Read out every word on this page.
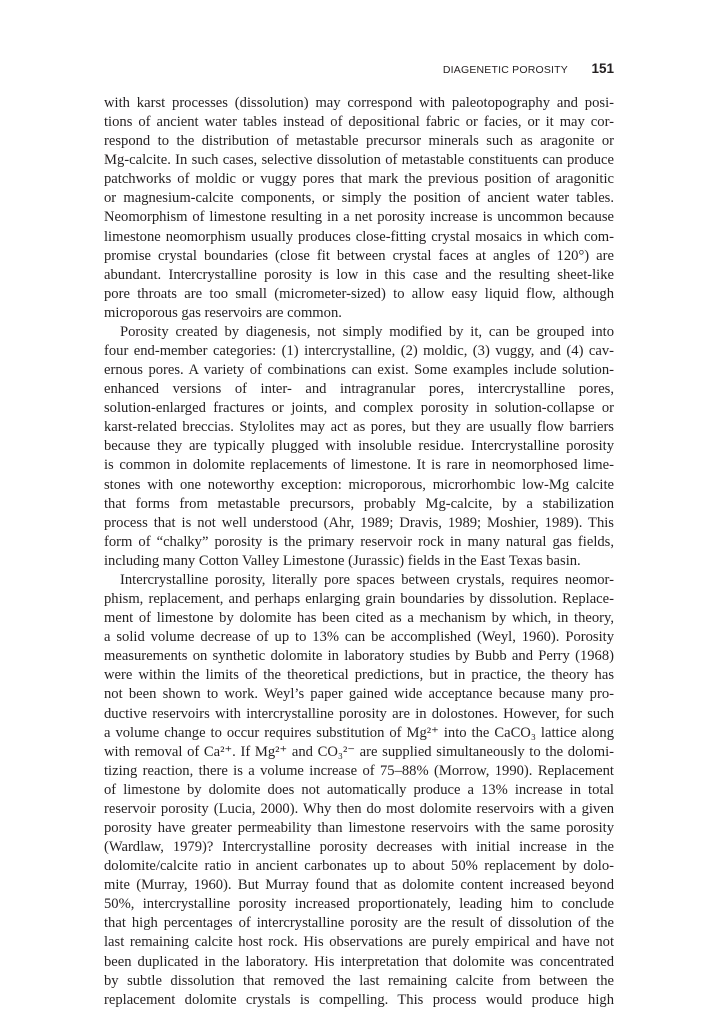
DIAGENETIC POROSITY 151
with karst processes (dissolution) may correspond with paleotopography and posi-
tions of ancient water tables instead of depositional fabric or facies, or it may cor-
respond to the distribution of metastable precursor minerals such as aragonite or
Mg-calcite. In such cases, selective dissolution of metastable constituents can produce
patchworks of moldic or vuggy pores that mark the previous position of aragonitic
or magnesium-calcite components, or simply the position of ancient water tables.
Neomorphism of limestone resulting in a net porosity increase is uncommon because
limestone neomorphism usually produces close-fitting crystal mosaics in which com-
promise crystal boundaries (close fit between crystal faces at angles of 120°) are
abundant. Intercrystalline porosity is low in this case and the resulting sheet-like
pore throats are too small (micrometer-sized) to allow easy liquid flow, although
microporous gas reservoirs are common.
Porosity created by diagenesis, not simply modified by it, can be grouped into
four end-member categories: (1) intercrystalline, (2) moldic, (3) vuggy, and (4) cav-
ernous pores. A variety of combinations can exist. Some examples include solution-
enhanced versions of inter- and intragranular pores, intercrystalline pores,
solution-enlarged fractures or joints, and complex porosity in solution-collapse or
karst-related breccias. Stylolites may act as pores, but they are usually flow barriers
because they are typically plugged with insoluble residue. Intercrystalline porosity
is common in dolomite replacements of limestone. It is rare in neomorphosed lime-
stones with one noteworthy exception: microporous, microrhombic low-Mg calcite
that forms from metastable precursors, probably Mg-calcite, by a stabilization
process that is not well understood (Ahr, 1989; Dravis, 1989; Moshier, 1989). This
form of “chalky” porosity is the primary reservoir rock in many natural gas fields,
including many Cotton Valley Limestone (Jurassic) fields in the East Texas basin.
Intercrystalline porosity, literally pore spaces between crystals, requires neomor-
phism, replacement, and perhaps enlarging grain boundaries by dissolution. Replace-
ment of limestone by dolomite has been cited as a mechanism by which, in theory,
a solid volume decrease of up to 13% can be accomplished (Weyl, 1960). Porosity
measurements on synthetic dolomite in laboratory studies by Bubb and Perry (1968)
were within the limits of the theoretical predictions, but in practice, the theory has
not been shown to work. Weyl’s paper gained wide acceptance because many pro-
ductive reservoirs with intercrystalline porosity are in dolostones. However, for such
a volume change to occur requires substitution of Mg²⁺ into the CaCO₃ lattice along
with removal of Ca²⁺. If Mg²⁺ and CO₃²⁻ are supplied simultaneously to the dolomi-
tizing reaction, there is a volume increase of 75–88% (Morrow, 1990). Replacement
of limestone by dolomite does not automatically produce a 13% increase in total
reservoir porosity (Lucia, 2000). Why then do most dolomite reservoirs with a given
porosity have greater permeability than limestone reservoirs with the same porosity
(Wardlaw, 1979)? Intercrystalline porosity decreases with initial increase in the
dolomite/calcite ratio in ancient carbonates up to about 50% replacement by dolo-
mite (Murray, 1960). But Murray found that as dolomite content increased beyond
50%, intercrystalline porosity increased proportionately, leading him to conclude
that high percentages of intercrystalline porosity are the result of dissolution of the
last remaining calcite host rock. His observations are purely empirical and have not
been duplicated in the laboratory. His interpretation that dolomite was concentrated
by subtle dissolution that removed the last remaining calcite from between the
replacement dolomite crystals is compelling. This process would produce high
